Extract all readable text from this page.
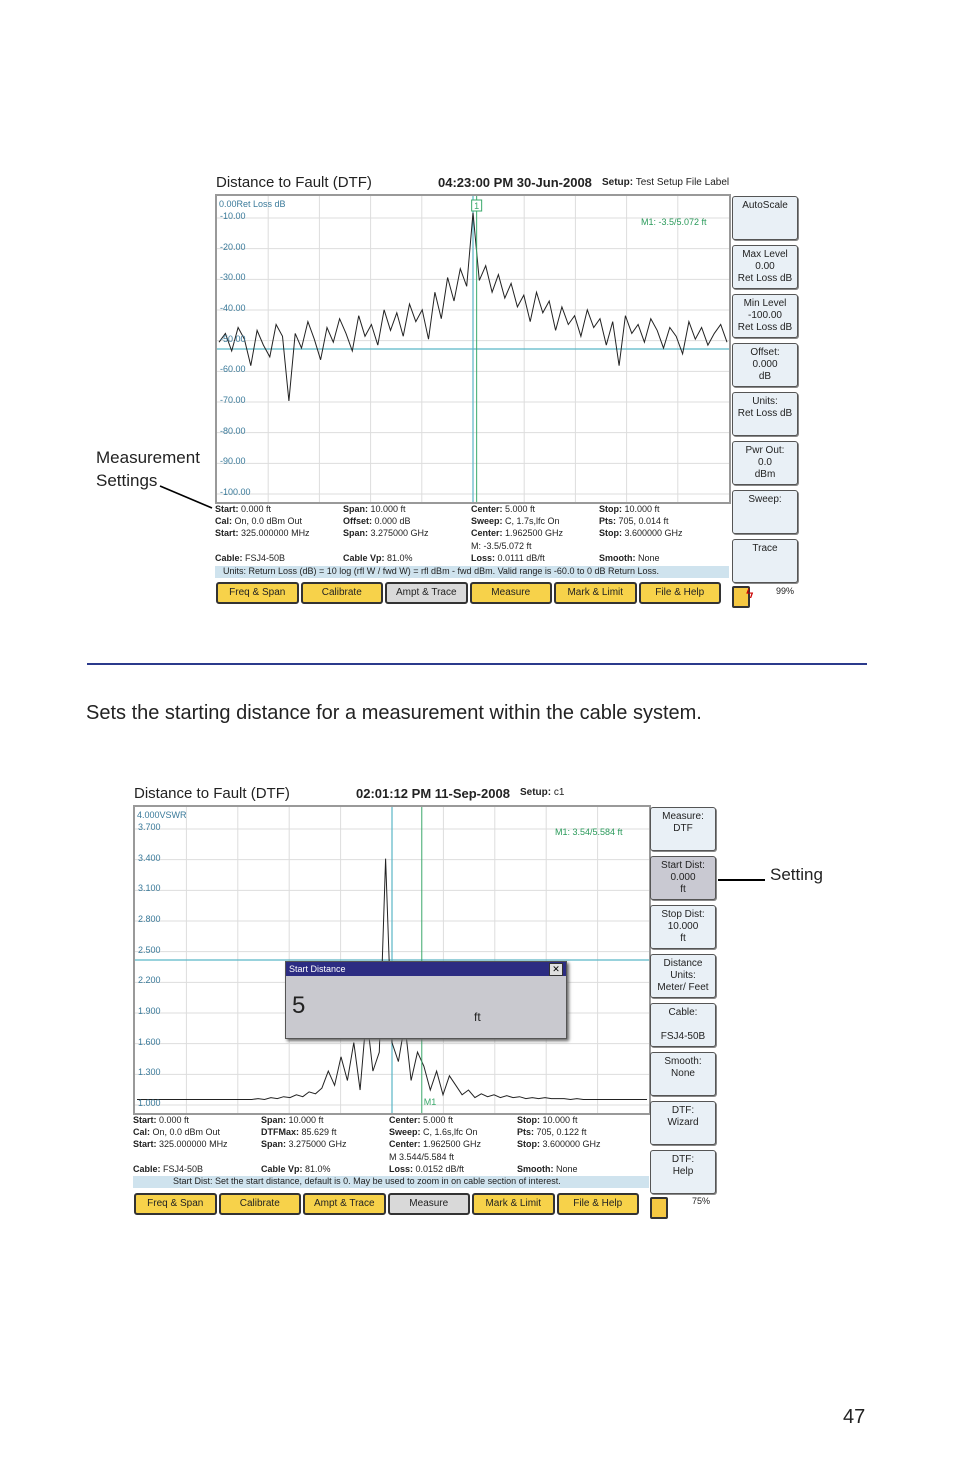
Distance to Fault (DTF)	04:23:00 PM 30-Jun-2008 Setup: Test Setup File Label
1
0.00Ret Loss dB
M1: -3.5/5.072 ft
-10.00
-20.00
-30.00
-40.00
-50.00
-60.00
-70.00
-80.00
-90.00
-100.00
AutoScale
Max Level
0.00
Ret Loss dB
Min Level
-100.00
Ret Loss dB
Offset:
0.000
dB
Units:
Ret Loss dB
Pwr Out:
0.0
dBm
Sweep:
Trace
Start: 0.000 ft
Cal: On, 0.0 dBm Out
Start: 325.000000 MHz
Cable: FSJ4-50B
Span: 10.000 ft
Offset: 0.000 dB
Span: 3.275000 GHz
Cable Vp: 81.0%
Center: 5.000 ft
Sweep: C, 1.7s,lfc On
Center: 1.962500 GHz
M: -3.5/5.072 ft
Loss: 0.0111 dB/ft
Stop: 10.000 ft
Pts: 705, 0.014 ft
Stop: 3.600000 GHz
Smooth: None
Units: Return Loss (dB) = 10 log (rfl W / fwd W) = rfl dBm - fwd dBm. Valid range is -60.0 to 0 dB Return Loss.
Freq & Span	Calibrate	Ampt & Trace	Measure	Mark & Limit	File & Help	ϟ	99%
Measurement
Settings
Sets the starting distance for a measurement within the cable system.
Distance to Fault (DTF)	02:01:12 PM 11-Sep-2008 Setup: c1
M1
4.000VSWR
M1: 3.54/5.584 ft
3.700
3.400
3.100
2.800
2.500
2.200
1.900
1.600
1.300
1.000
Start Distance	✕
5	ft
Measure:
DTF
Start Dist:
0.000
ft
Stop Dist:
10.000
ft
Distance
Units:
Meter/ Feet
Cable:

FSJ4-50B
Smooth:
None
DTF:
Wizard
DTF:
Help
Start: 0.000 ft
Cal: On, 0.0 dBm Out
Start: 325.000000 MHz
Cable: FSJ4-50B
Span: 10.000 ft
DTFMax: 85.629 ft
Span: 3.275000 GHz
Cable Vp: 81.0%
Center: 5.000 ft
Sweep: C, 1.6s,lfc On
Center: 1.962500 GHz
M 3.544/5.584 ft
Loss: 0.0152 dB/ft
Stop: 10.000 ft
Pts: 705, 0.122 ft
Stop: 3.600000 GHz
Smooth: None
Start Dist: Set the start distance, default is 0. May be used to zoom in on cable section of interest.
Freq & Span	Calibrate	Ampt & Trace	Measure	Mark & Limit	File & Help	75%
Setting
47
